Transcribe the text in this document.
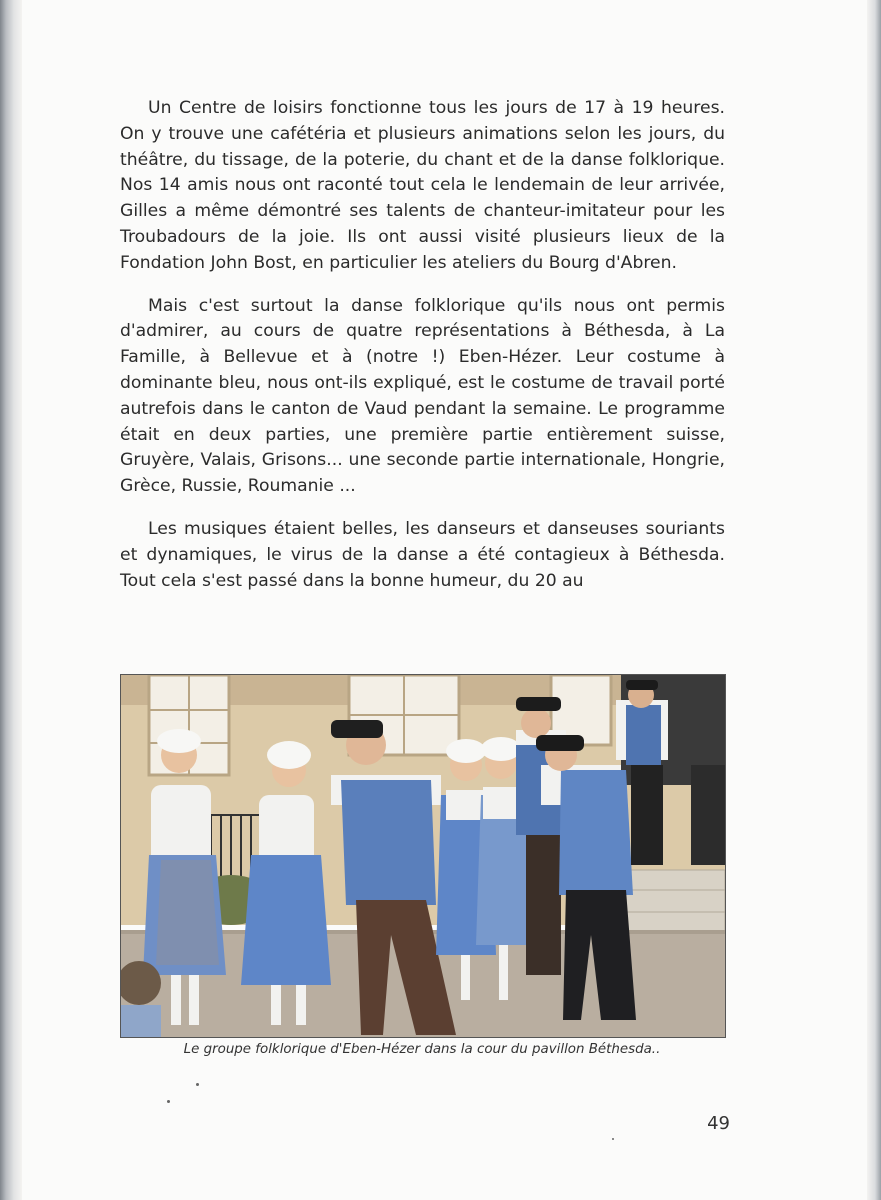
Un Centre de loisirs fonctionne tous les jours de 17 à 19 heures. On y trouve une cafétéria et plusieurs animations selon les jours, du théâtre, du tissage, de la poterie, du chant et de la danse folklorique. Nos 14 amis nous ont raconté tout cela le lendemain de leur arrivée, Gilles a même démontré ses talents de chanteur-imitateur pour les Troubadours de la joie. Ils ont aussi visité plusieurs lieux de la Fondation John Bost, en particulier les ateliers du Bourg d'Abren.

Mais c'est surtout la danse folklorique qu'ils nous ont permis d'admirer, au cours de quatre représentations à Béthesda, à La Famille, à Bellevue et à (notre !) Eben-Hézer. Leur costume à dominante bleu, nous ont-ils expliqué, est le costume de travail porté autrefois dans le canton de Vaud pendant la semaine. Le programme était en deux parties, une première partie entièrement suisse, Gruyère, Valais, Grisons... une seconde partie internationale, Hongrie, Grèce, Russie, Roumanie ...

Les musiques étaient belles, les danseurs et danseuses souriants et dynamiques, le virus de la danse a été contagieux à Béthesda. Tout cela s'est passé dans la bonne humeur, du 20 au

Le groupe folklorique d'Eben-Hézer dans la cour du pavillon Béthesda..
49
